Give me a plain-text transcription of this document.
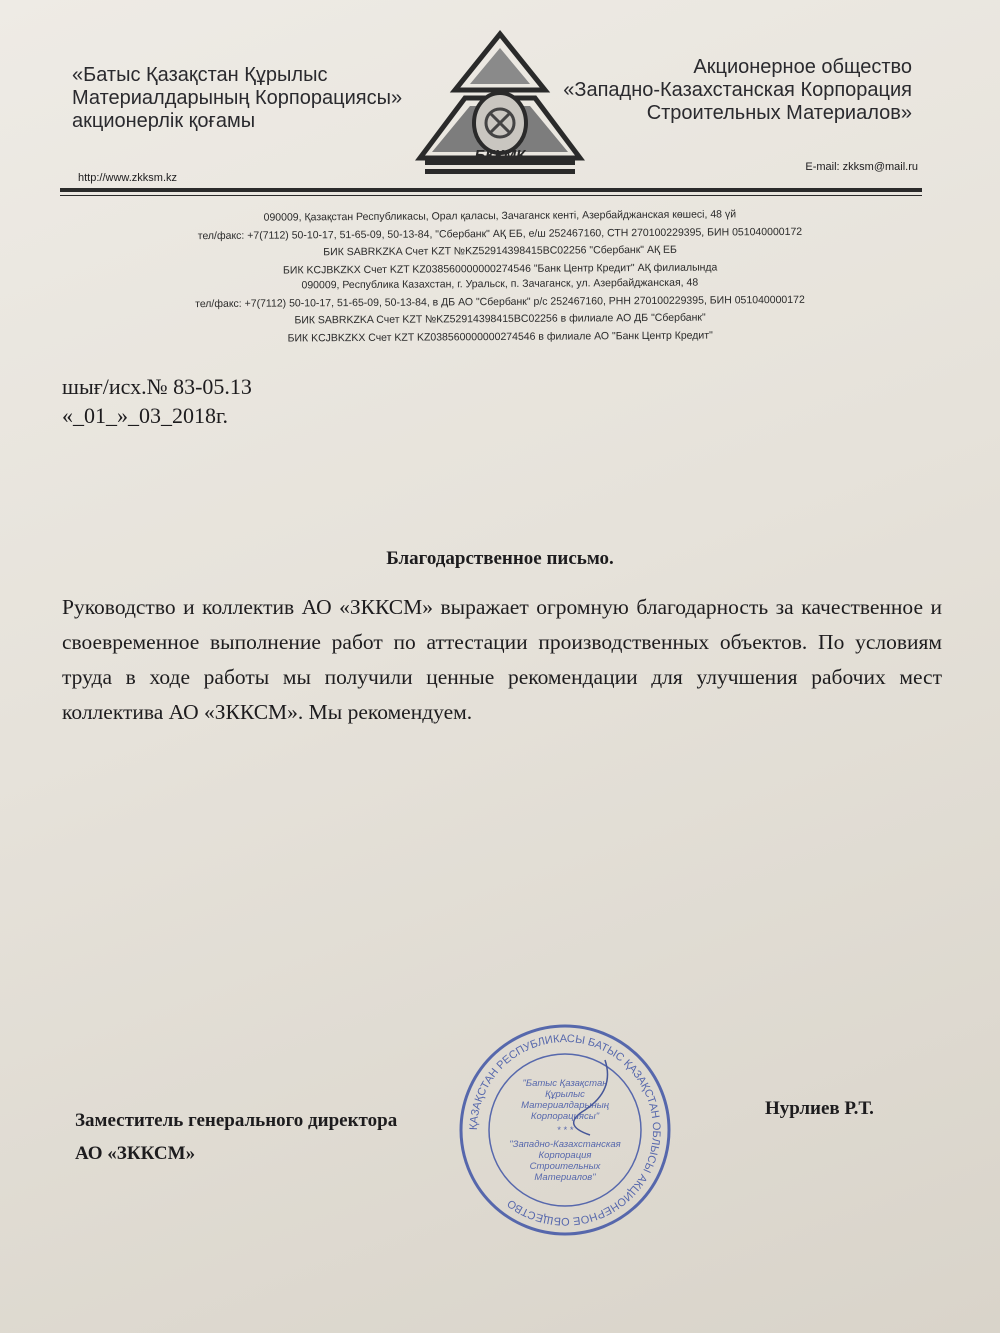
«Батыс Қазақстан Құрылыс
Материалдарының Корпорациясы»
акционерлік қоғамы
БҚҚМК
Акционерное общество
«Западно-Казахстанская Корпорация
Строительных Материалов»
http://www.zkksm.kz
E-mail: zkksm@mail.ru
090009, Қазақстан Республикасы, Орал қаласы, Зачаганск кенті, Азербайджанская көшесі, 48 үй
тел/факс: +7(7112) 50-10-17, 51-65-09, 50-13-84, "Сбербанк" АҚ ЕБ, е/ш 252467160, СТН 270100229395, БИН 051040000172
БИК SABRKZKA Счет KZT №KZ52914398415BC02256 "Сбербанк" АҚ ЕБ
БИК KCJBKZKX Счет KZT KZ038560000000274546 "Банк Центр Кредит" АҚ филиалында
090009, Республика Казахстан, г. Уральск, п. Зачаганск, ул. Азербайджанская, 48
тел/факс: +7(7112) 50-10-17, 51-65-09, 50-13-84, в ДБ АО "Сбербанк" р/с 252467160, РНН 270100229395, БИН 051040000172
БИК SABRKZKA Счет KZT №KZ52914398415BC02256 в филиале АО ДБ "Сбербанк"
БИК KCJBKZKX Счет KZT KZ038560000000274546 в филиале АО "Банк Центр Кредит"
шығ/исх.№ 83-05.13
«_01_»_03_2018г.
Благодарственное письмо.
Руководство и коллектив АО «ЗККСМ» выражает огромную благодарность за качественное и своевременное выполнение работ по аттестации производственных объектов. По условиям труда в ходе работы мы получили ценные рекомендации для улучшения рабочих мест коллектива АО «ЗККСМ». Мы рекомендуем.
Заместитель генерального директора
АО «ЗККСМ»
Нурлиев Р.Т.
ҚАЗАҚСТАН РЕСПУБЛИКАСЫ БАТЫС ҚАЗАҚСТАН ОБЛЫСЫ АКЦИОНЕРНОЕ ОБЩЕСТВО
"Батыс Қазақстан Құрылыс Материалдарының Корпорациясы"
* * *
"Западно-Казахстанская Корпорация Строительных Материалов"
